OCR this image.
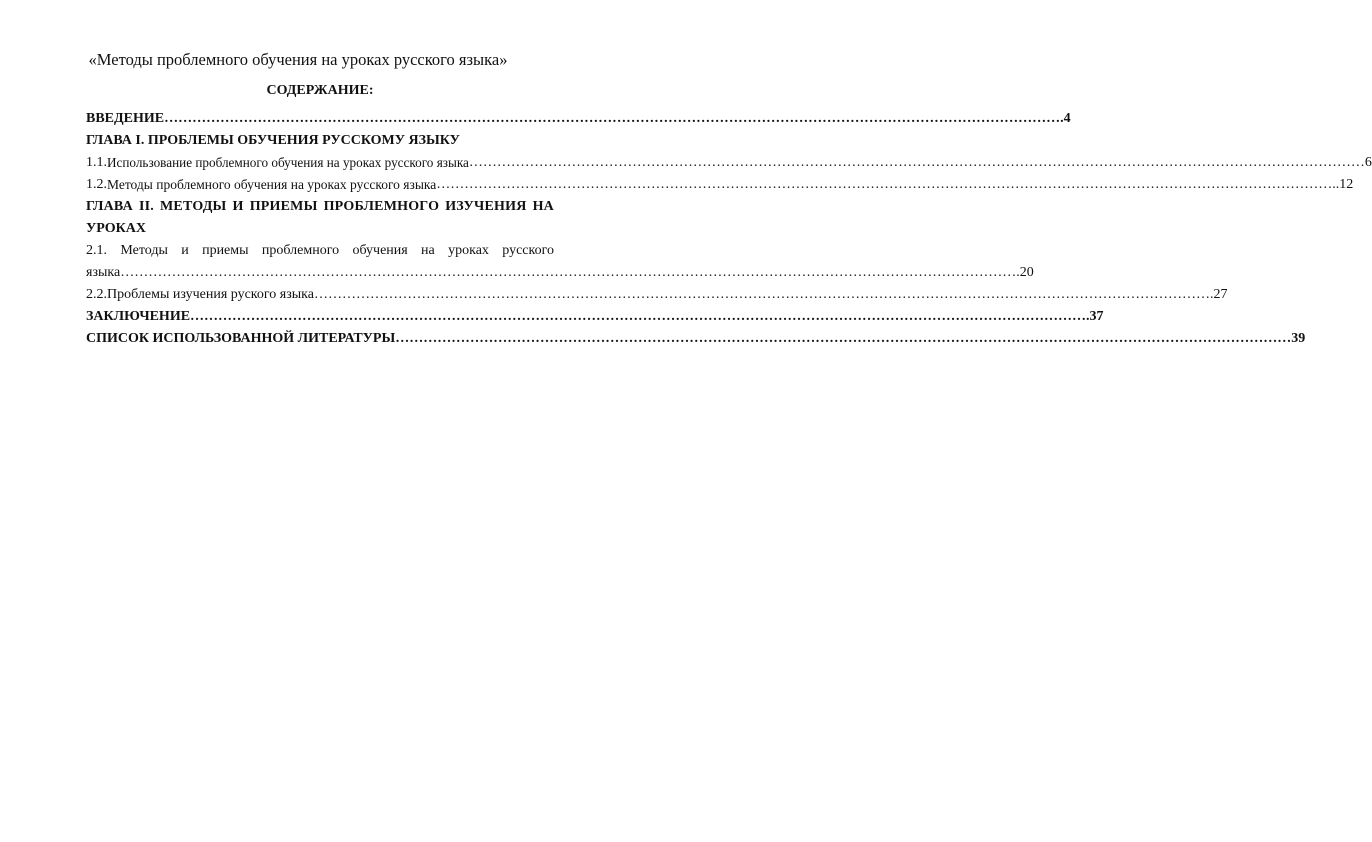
«Методы проблемного обучения на уроках русского языка»
СОДЕРЖАНИЕ:
ВВЕДЕНИЕ ………………………………………………………………………………………………………………………………………………………………………… .4
ГЛАВА I. ПРОБЛЕМЫ ОБУЧЕНИЯ РУССКОМУ ЯЗЫКУ
1.1. Использование проблемного обучения на уроках русского языка ………………………………………………………………………………………………………………………………………………………………………… 6
1.2. Методы проблемного обучения на уроках русского языка ………………………………………………………………………………………………………………………………………………………………………… ..12
ГЛАВА II. МЕТОДЫ И ПРИЕМЫ ПРОБЛЕМНОГО ИЗУЧЕНИЯ НА
УРОКАХ
2.1. Методы и приемы проблемного обучения на уроках русского
языка ………………………………………………………………………………………………………………………………………………………………………… .20
2.2. Проблемы изучения руского языка ………………………………………………………………………………………………………………………………………………………………………… .27
ЗАКЛЮЧЕНИЕ ………………………………………………………………………………………………………………………………………………………………………… .37
СПИСОК ИСПОЛЬЗОВАННОЙ ЛИТЕРАТУРЫ ………………………………………………………………………………………………………………………………………………………………………… 39
